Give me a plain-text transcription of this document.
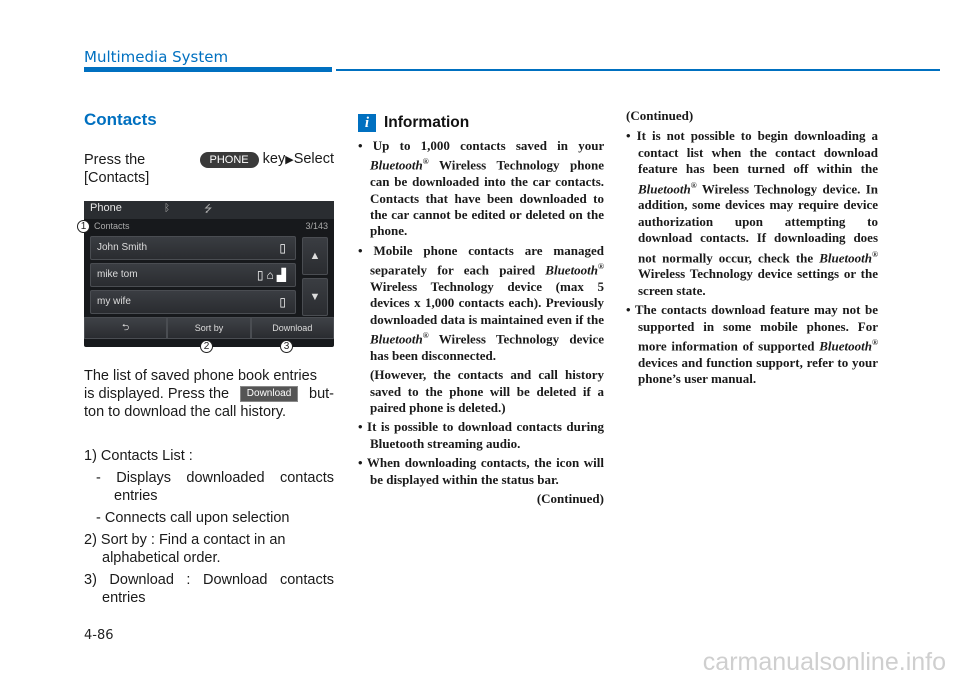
Multimedia System
Contacts
Press the	PHONE key▶Select
[Contacts]
Phone	ᛒ	⭍
Contacts	3/143
John Smith	▯
mike tom	▯⌂▟
my wife	▯
▲
▼
⮌	Sort by	Download
1
2	3
The list of saved phone book entries
is displayed. Press the	Download	but-
ton to download the call history.
1) Contacts List :
- Displays downloaded contacts entries
- Connects call upon selection
2) Sort by : Find a contact in an alphabetical order.
3) Download : Download contacts entries
i Information
• Up to 1,000 contacts saved in your Bluetooth® Wireless Technology phone can be downloaded into the car contacts. Contacts that have been downloaded to the car cannot be edited or deleted on the phone.
• Mobile phone contacts are managed separately for each paired Bluetooth® Wireless Technology device (max 5 devices x 1,000 contacts each). Previously downloaded data is maintained even if the Bluetooth® Wireless Technology device has been disconnected.
(However, the contacts and call history saved to the phone will be deleted if a paired phone is deleted.)
• It is possible to download contacts during Bluetooth streaming audio.
• When downloading contacts, the icon will be displayed within the status bar.
(Continued)
(Continued)
• It is not possible to begin downloading a contact list when the contact download feature has been turned off within the Bluetooth® Wireless Technology device. In addition, some devices may require device authorization upon attempting to download contacts. If downloading does not normally occur, check the Bluetooth® Wireless Technology device settings or the screen state.
• The contacts download feature may not be supported in some mobile phones. For more information of supported Bluetooth® devices and function support, refer to your phone’s user manual.
4-86
carmanualsonline.info
